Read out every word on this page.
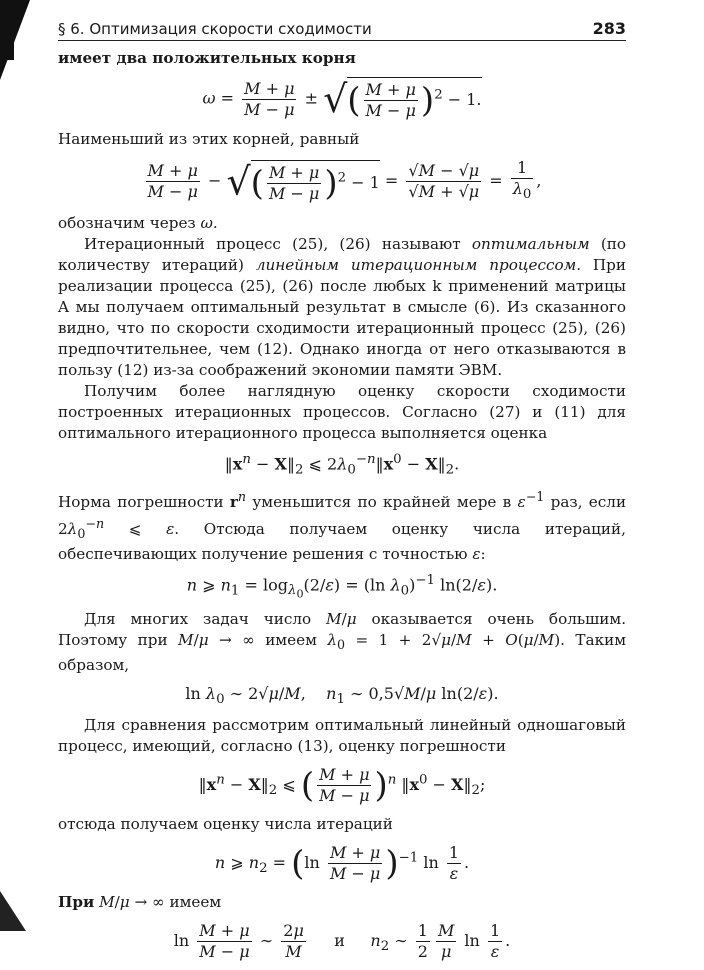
§ 6. Оптимизация скорости сходимости	283

имеет два положительных корня

$\omega = \frac{M + \mu}{M - \mu}$ ± √( $\frac{M + \mu}{M - \mu} )^2 - 1$.

Наименьший из этих корней, равный

$\frac{M + \mu}{M - \mu}$ − √( $\frac{M + \mu}{M - \mu} )^2 - 1 = \frac{√M - √\mu}{√M + √\mu} = \frac{1}{\lambda_0}$ ,

обозначим через ω.

Итерационный процесс (25), (26) называют оптимальным (по количеству итераций) линейным итерационным процессом. При реализации процесса (25), (26) после любых k применений матрицы A мы получаем оптимальный результат в смысле (6). Из сказанного видно, что по скорости сходимости итерационный процесс (25), (26) предпочтительнее, чем (12). Однако иногда от него отказываются в пользу (12) из-за соображений экономии памяти ЭВМ.

Получим более наглядную оценку скорости сходимости построенных итерационных процессов. Согласно (27) и (11) для оптимального итерационного процесса выполняется оценка

$‖x^n$ − $X‖_2$ ⩽ $2\lambda_0^{-n}‖x^0$ − $X‖_2$.

Норма погрешности $r^n$ уменьшится по крайней мере в $\varepsilon^{-1}$ раз, если $2\lambda_0^{-n}$ ⩽ ε. Отсюда получаем оценку числа итераций, обеспечивающих получение решения с точностью ε:

n ⩾ $n_1 = \log_{\lambda_0}(2/\varepsilon) = (\ln$ $\lambda_0)^{-1}$ ln(2/ε).

Для многих задач число M/μ оказывается очень большим. Поэтому при M/μ → ∞ имеем $\lambda_0 = 1 + 2√\mu/M + O(\mu/M)$. Таким образом,

$\ln \lambda_0$ ∼ 2√μ/M,    $n_1$ ∼ 0,5√M/μ ln(2/ε).

Для сравнения рассмотрим оптимальный линейный одношаговый процесс, имеющий, согласно (13), оценку погрешности

$‖x^n$ − $X‖_2$ ⩽ ( $\frac{M + \mu}{M - \mu} )^n$ $‖x^0$ − $X‖_2$;

отсюда получаем оценку числа итераций

n ⩾ $n_2 = (\ln \frac{M + \mu}{M - \mu} )^{-1}$ $\ln \frac{1}{\varepsilon}$ .

При M/μ → ∞ имеем

$\ln \frac{M + \mu}{M - \mu}$ ∼ $\frac{2\mu}{M}$ и $n_2$ ∼ $\frac{1}{2} \frac{M}{\mu}$ $\ln \frac{1}{\varepsilon}$ .
